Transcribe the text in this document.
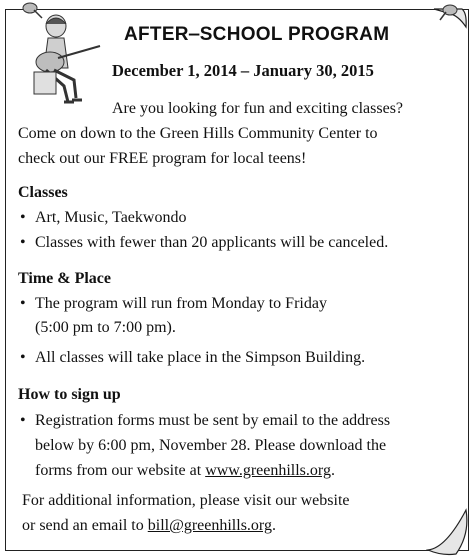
AFTER‒SCHOOL PROGRAM
December 1, 2014 ‒ January 30, 2015
Are you looking for fun and exciting classes?
Come on down to the Green Hills Community Center to
check out our FREE program for local teens!
Classes
• Art, Music, Taekwondo
• Classes with fewer than 20 applicants will be canceled.
Time & Place
• The program will run from Monday to Friday
(5:00 pm to 7:00 pm).
• All classes will take place in the Simpson Building.
How to sign up
• Registration forms must be sent by email to the address
below by 6:00 pm, November 28. Please download the
forms from our website at www.greenhills.org.
For additional information, please visit our website
or send an email to bill@greenhills.org.
